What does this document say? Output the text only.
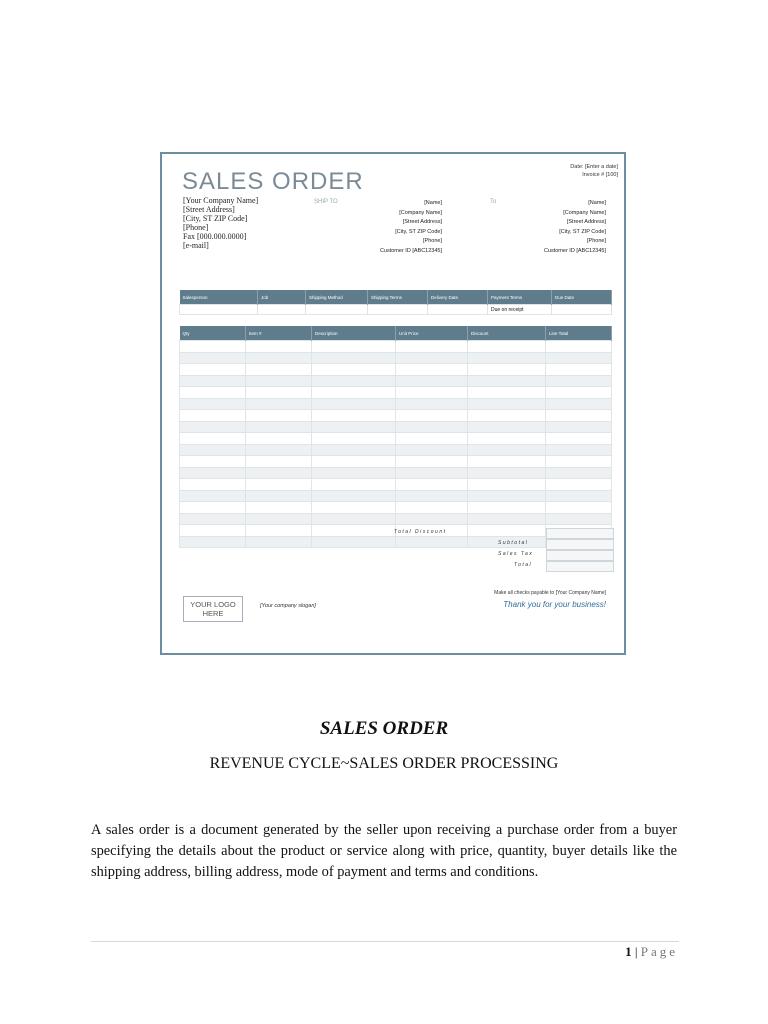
SALES ORDER
Date: [Enter a date]
Invoice # [100]
[Your Company Name]
[Street Address]
[City, ST ZIP Code]
[Phone]
Fax [000.000.0000]
[e-mail]
SHIP TO	[Name]
[Company Name]
[Street Address]
[City, ST ZIP Code]
[Phone]
Customer ID [ABC12345]
To	[Name]
[Company Name]
[Street Address]
[City, ST ZIP Code]
[Phone]
Customer ID [ABC12345]
Salesperson	Job	Shipping Method	Shipping Terms	Delivery Date	Payment Terms	Due Date
					Due on receipt	
Qty	Item #	Description	Unit Price	Discount	Line Total

Total Discount
Subtotal
Sales Tax
Total
YOUR LOGO
HERE
[Your company slogan]
Make all checks payable to [Your Company Name]
Thank you for your business!
SALES ORDER
REVENUE CYCLE~SALES ORDER PROCESSING
A sales order is a document generated by the seller upon receiving a purchase order from a buyer specifying the details about the product or service along with price, quantity, buyer details like the shipping address, billing address, mode of payment and terms and conditions.
1 | Page
